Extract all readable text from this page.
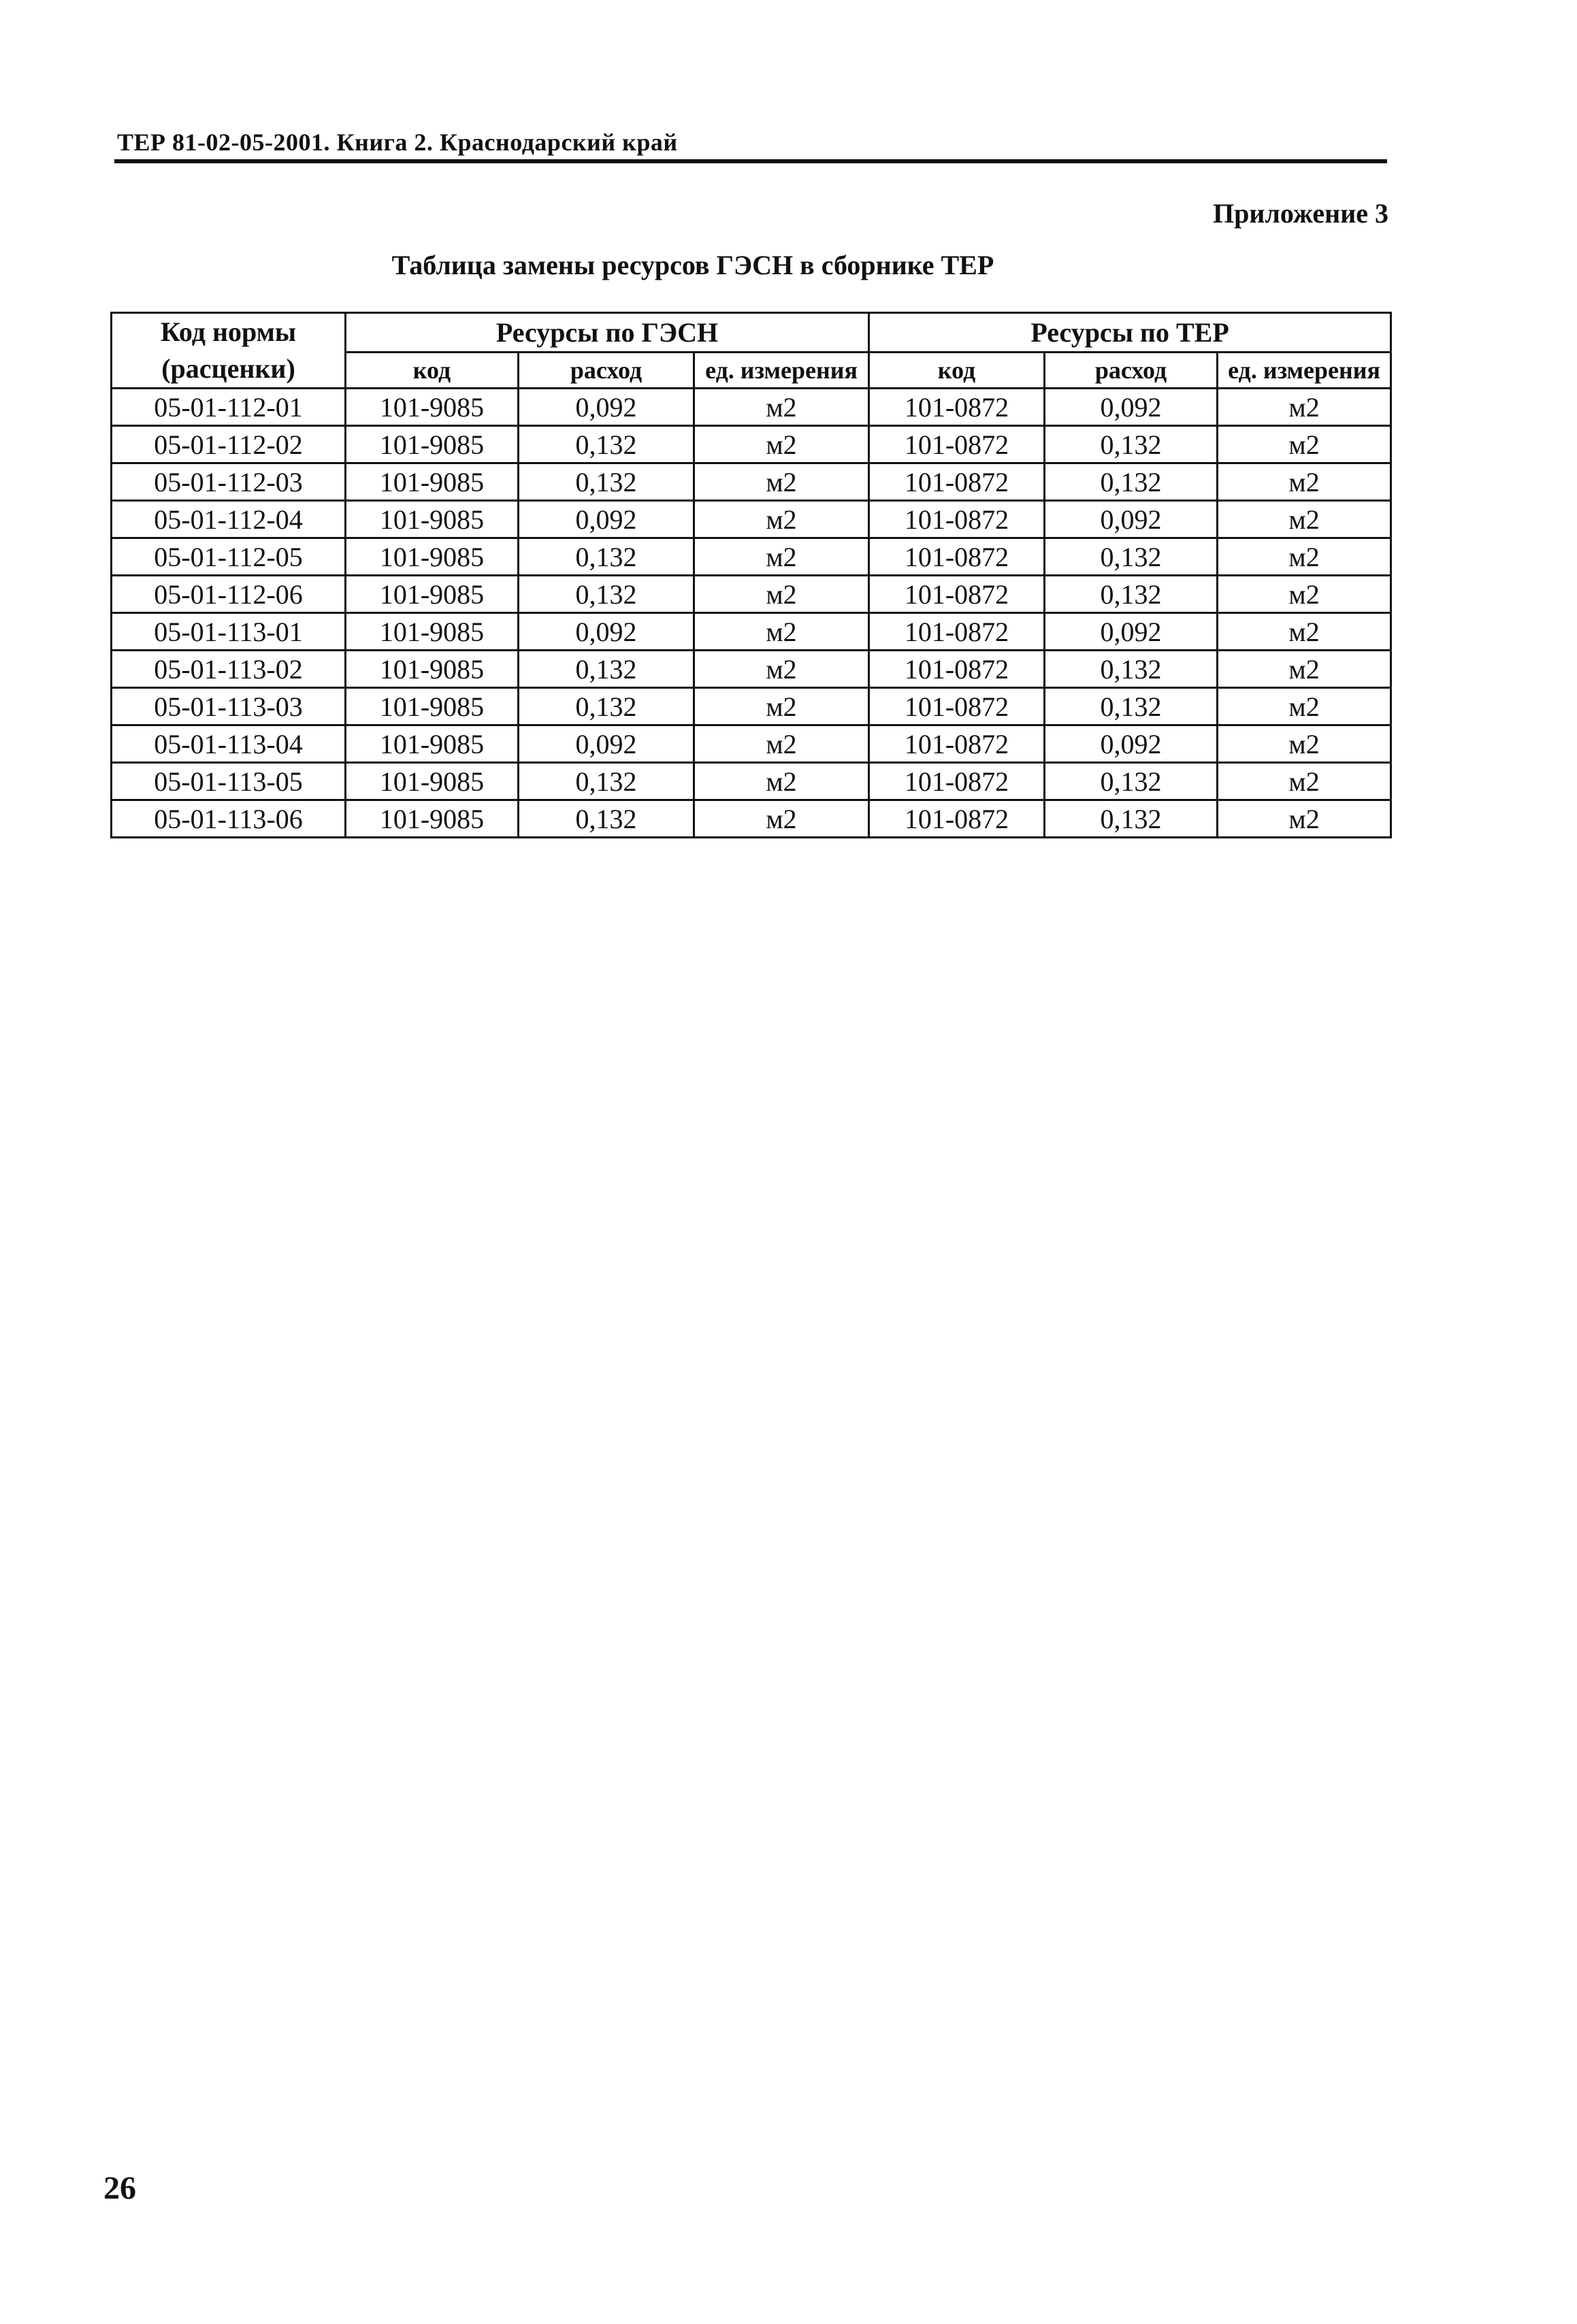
ТЕР 81-02-05-2001. Книга 2. Краснодарский край
Приложение 3
Таблица замены ресурсов ГЭСН в сборнике ТЕР
Код нормы
(расценки)	Ресурсы по ГЭСН			Ресурсы по ТЕР		
	код	расход	ед. измерения	код	расход	ед. измерения
05-01-112-01	101-9085	0,092	м2	101-0872	0,092	м2
05-01-112-02	101-9085	0,132	м2	101-0872	0,132	м2
05-01-112-03	101-9085	0,132	м2	101-0872	0,132	м2
05-01-112-04	101-9085	0,092	м2	101-0872	0,092	м2
05-01-112-05	101-9085	0,132	м2	101-0872	0,132	м2
05-01-112-06	101-9085	0,132	м2	101-0872	0,132	м2
05-01-113-01	101-9085	0,092	м2	101-0872	0,092	м2
05-01-113-02	101-9085	0,132	м2	101-0872	0,132	м2
05-01-113-03	101-9085	0,132	м2	101-0872	0,132	м2
05-01-113-04	101-9085	0,092	м2	101-0872	0,092	м2
05-01-113-05	101-9085	0,132	м2	101-0872	0,132	м2
05-01-113-06	101-9085	0,132	м2	101-0872	0,132	м2
26
